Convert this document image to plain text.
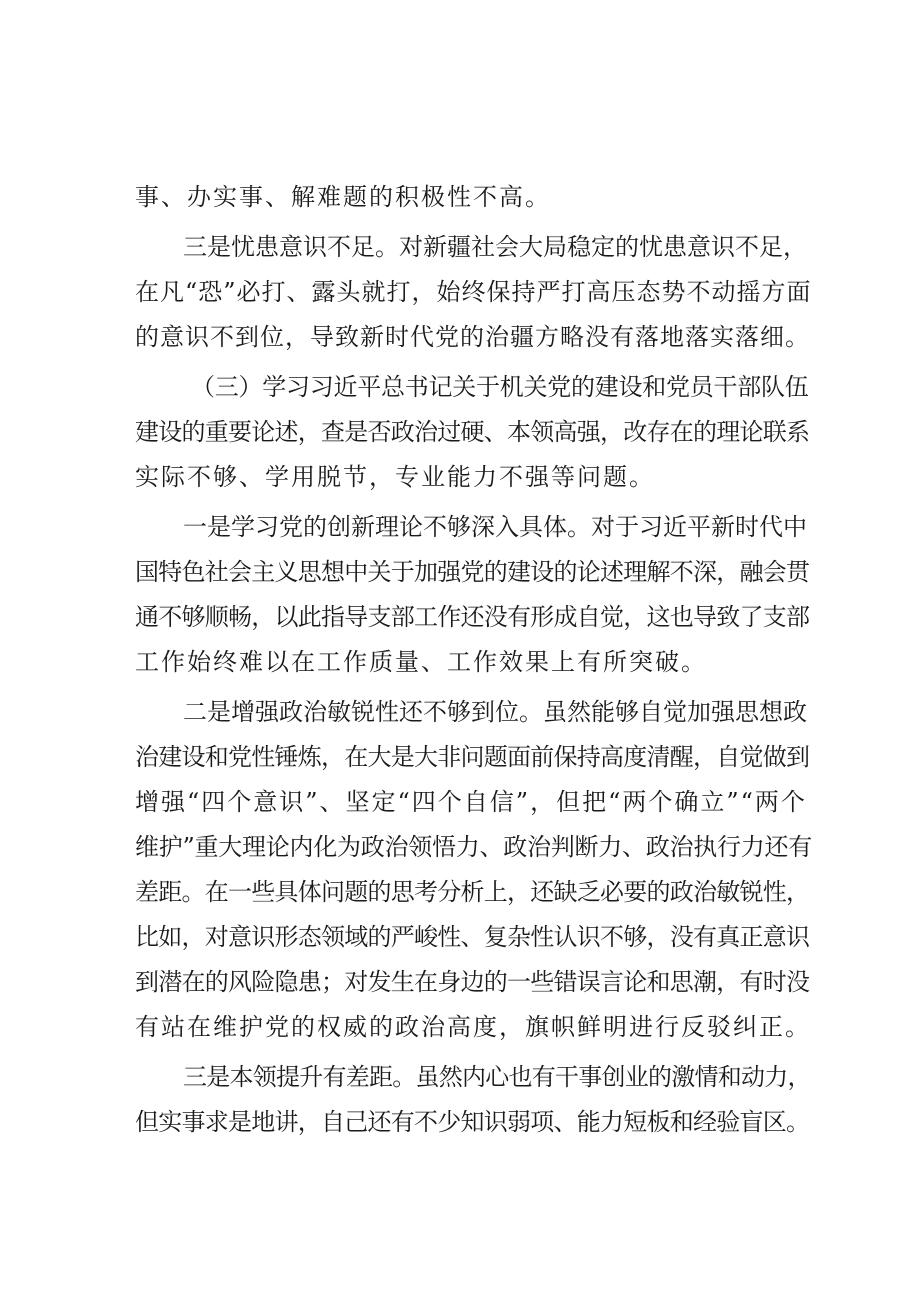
事、办实事、解难题的积极性不高。
三是忧患意识不足。对新疆社会大局稳定的忧患意识不足，
在凡“恐”必打、露头就打，始终保持严打高压态势不动摇方面
的意识不到位，导致新时代党的治疆方略没有落地落实落细。
（三）学习习近平总书记关于机关党的建设和党员干部队伍
建设的重要论述，查是否政治过硬、本领高强，改存在的理论联系
实际不够、学用脱节，专业能力不强等问题。
一是学习党的创新理论不够深入具体。对于习近平新时代中
国特色社会主义思想中关于加强党的建设的论述理解不深，融会贯
通不够顺畅，以此指导支部工作还没有形成自觉，这也导致了支部
工作始终难以在工作质量、工作效果上有所突破。
二是增强政治敏锐性还不够到位。虽然能够自觉加强思想政
治建设和党性锤炼，在大是大非问题面前保持高度清醒，自觉做到
增强“四个意识”、坚定“四个自信”，但把“两个确立”“两个
维护”重大理论内化为政治领悟力、政治判断力、政治执行力还有
差距。在一些具体问题的思考分析上，还缺乏必要的政治敏锐性，
比如，对意识形态领域的严峻性、复杂性认识不够，没有真正意识
到潜在的风险隐患；对发生在身边的一些错误言论和思潮，有时没
有站在维护党的权威的政治高度，旗帜鲜明进行反驳纠正。
三是本领提升有差距。虽然内心也有干事创业的激情和动力，
但实事求是地讲，自己还有不少知识弱项、能力短板和经验盲区。
